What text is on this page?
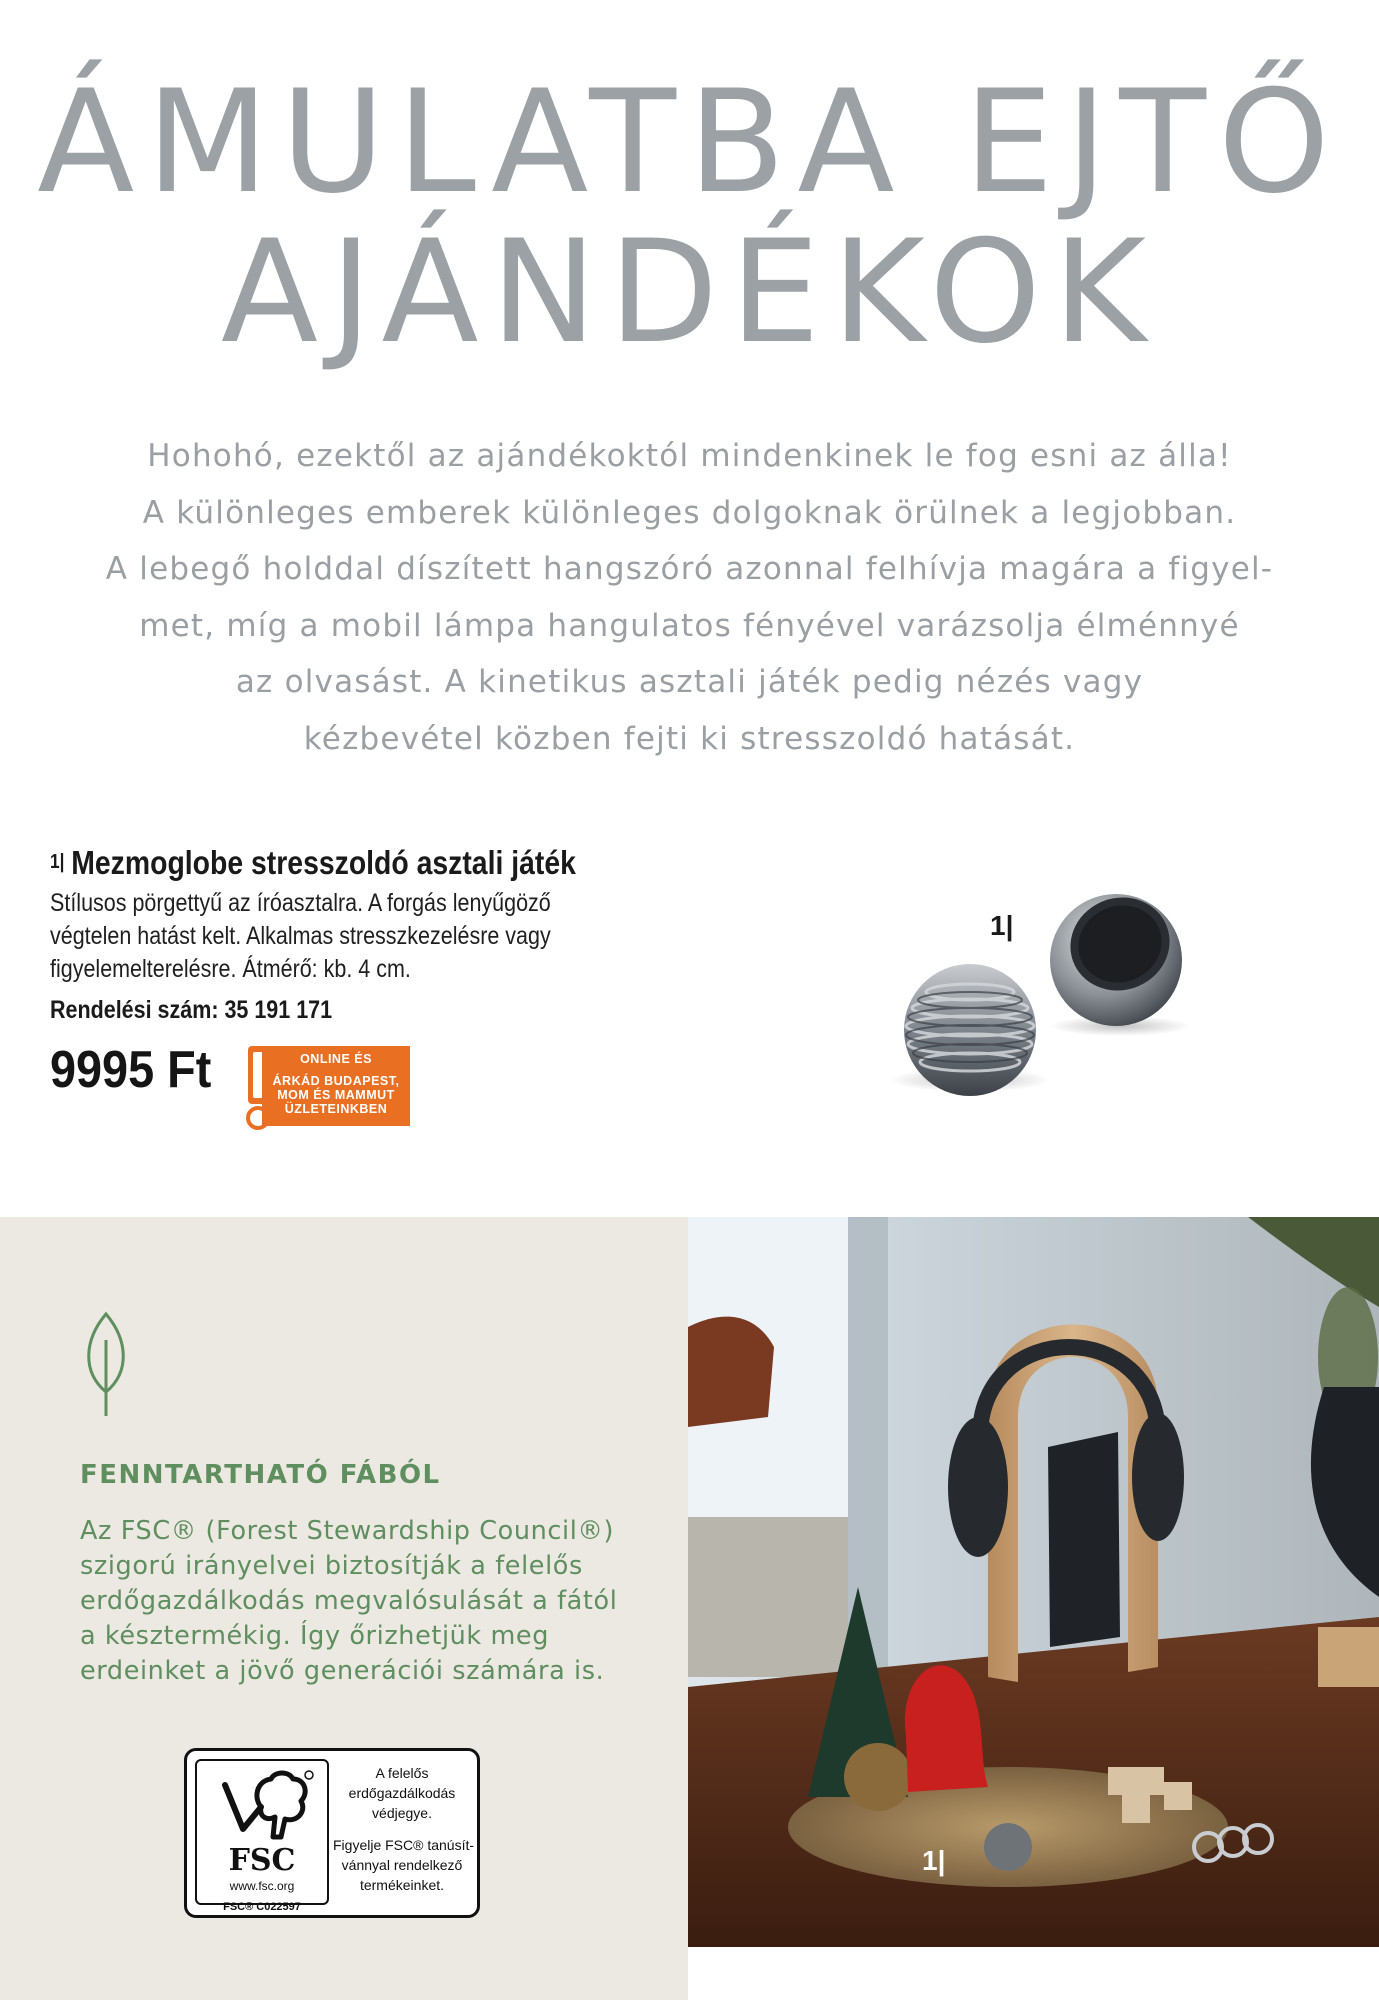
ÁMULATBA EJTŐ
AJÁNDÉKOK

Hohohó, ezektől az ajándékoktól mindenkinek le fog esni az álla!
A különleges emberek különleges dolgoknak örülnek a legjobban.
A lebegő holddal díszített hangszóró azonnal felhívja magára a figyel-
met, míg a mobil lámpa hangulatos fényével varázsolja élménnyé
az olvasást. A kinetikus asztali játék pedig nézés vagy
kézbevétel közben fejti ki stresszoldó hatását.

1| Mezmoglobe stresszoldó asztali játék
Stílusos pörgettyű az íróasztalra. A forgás lenyűgöző
végtelen hatást kelt. Alkalmas stresszkezelésre vagy
figyelemelterelésre. Átmérő: kb. 4 cm.
Rendelési szám: 35 191 171
9995 Ft	ONLINE ÉS
ÁRKÁD BUDAPEST,
MOM ÉS MAMMUT
ÜZLETEINKBEN
1|
FENNTARTHATÓ FÁBÓL
Az FSC® (Forest Stewardship Council®)
szigorú irányelvei biztosítják a felelős
erdőgazdálkodás megvalósulását a fától
a késztermékig. Így őrizhetjük meg
erdeinket a jövő generációi számára is.
FSC
www.fsc.org
FSC® C022597
A felelős
erdőgazdálkodás
védjegye.
Figyelje FSC® tanúsít-
vánnyal rendelkező
termékeinket.
1|
